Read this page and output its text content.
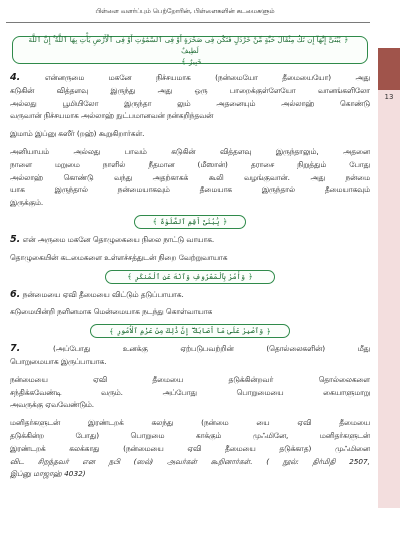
பிள்ளை வளர்ப்பும் பெற்றோரின், பிள்ளைகளின் கடமைகளும்
13
﴿يَٰبُنَىَّ إِنَّهَآ إِن تَكُ مِثْقَالَ حَبَّةٍ مِّنْ خَرْدَلٍ فَتَكُن فِى صَخْرَةٍ أَوْ فِى ٱلسَّمَٰوَٰتِ أَوْ فِى ٱلْأَرْضِ يَأْتِ بِهَا ٱللَّهُ ۚ إِنَّ ٱللَّهَ لَطِيفٌ
خَبِيرٌ﴾
4.	என்னருமை மகனே நிச்சயமாக (நன்மையோ தீமையையோ) அது
கடுகின் வித்தளவு இருந்து அது ஒரு பாறைக்குள்ளேயோ வானங்களிலோ
அல்லது பூமியிலோ இருந்தா லும் அதனையும் அல்லாஹ் கொண்டு
வருவான் நிச்சயமாக அல்லாஹ் நுட்பமானவன் நன்கறிந்தவன்
இமாம் இப்னு கஸீர் (றஹ்) கூறுகிறார்கள்.
அனியாயம் அல்லது பாவம் கடுகின் வித்தளவு இருந்தாலும், அதனை
நாளை மறுமை நாளில் நீதமான (மீஸான்) தராசை நிறுத்தும் போது
அல்லாஹ் கொண்டு வந்து அதற்காகக் கூலி வழங்குவான். அது நன்மை
யாக இருந்தால் நன்மையாகவும் தீமையாக இருந்தால் தீமையாகவும்
இருக்கும்.
﴿
يَٰبُنَىَّ أَقِمِ ٱلصَّلَوٰةَ
﴾
5. என் அருமை மகனே தொழுகையை நிலை நாட்டு வாயாக.
தொழுகையின் கடமைகளை உள்ளச்சத்துடன் நிறை வேற்றுவாயாக
﴿
وَأْمُرْ بِٱلْمَعْرُوفِ وَٱنْهَ عَنِ ٱلْمُنكَرِ
﴾
6. நன்மையை ஏவி தீமையை விட்டும் தடுப்பாயாக.
கடுமையின்றி நளினமாக மென்மையாக நடந்து கொள்வாயாக
﴿
وَٱصْبِرْ عَلَىٰ مَآ أَصَابَكَ ۖ إِنَّ ذَٰلِكَ مِنْ عَزْمِ ٱلْأُمُورِ
﴾
7.	(அப்போது உனக்கு ஏற்படுபவற்றின் (தொல்லைகளின்) மீது
பொறுமையாக இருப்பாயாக.
நன்மையை ஏவி தீமையை தடுக்கின்றவர் தொல்லைகளை
சந்திக்கவேண்டி வரும். அப்போது பொறுமையை கையாளுமாறு
அவருக்கு ஏவவேண்டும்.
மனிதர்களுடன் இரண்டறக் கலந்து (நன்மை யை ஏவி தீமையை
தடுக்கின்ற போது) பொறுமை காக்கும் முஃமினே, மனிதர்களுடன்
இரண்டறக் கலக்காது (நன்மையை ஏவி தீமையை தடுக்காத) முஃமினை
விட சிறந்தவர் என நபி (ஸல்) அவர்கள் கூறினார்கள். ( நூல்: திர்மிதி 2507,
இப்னு மாஜாஹ் 4032)
